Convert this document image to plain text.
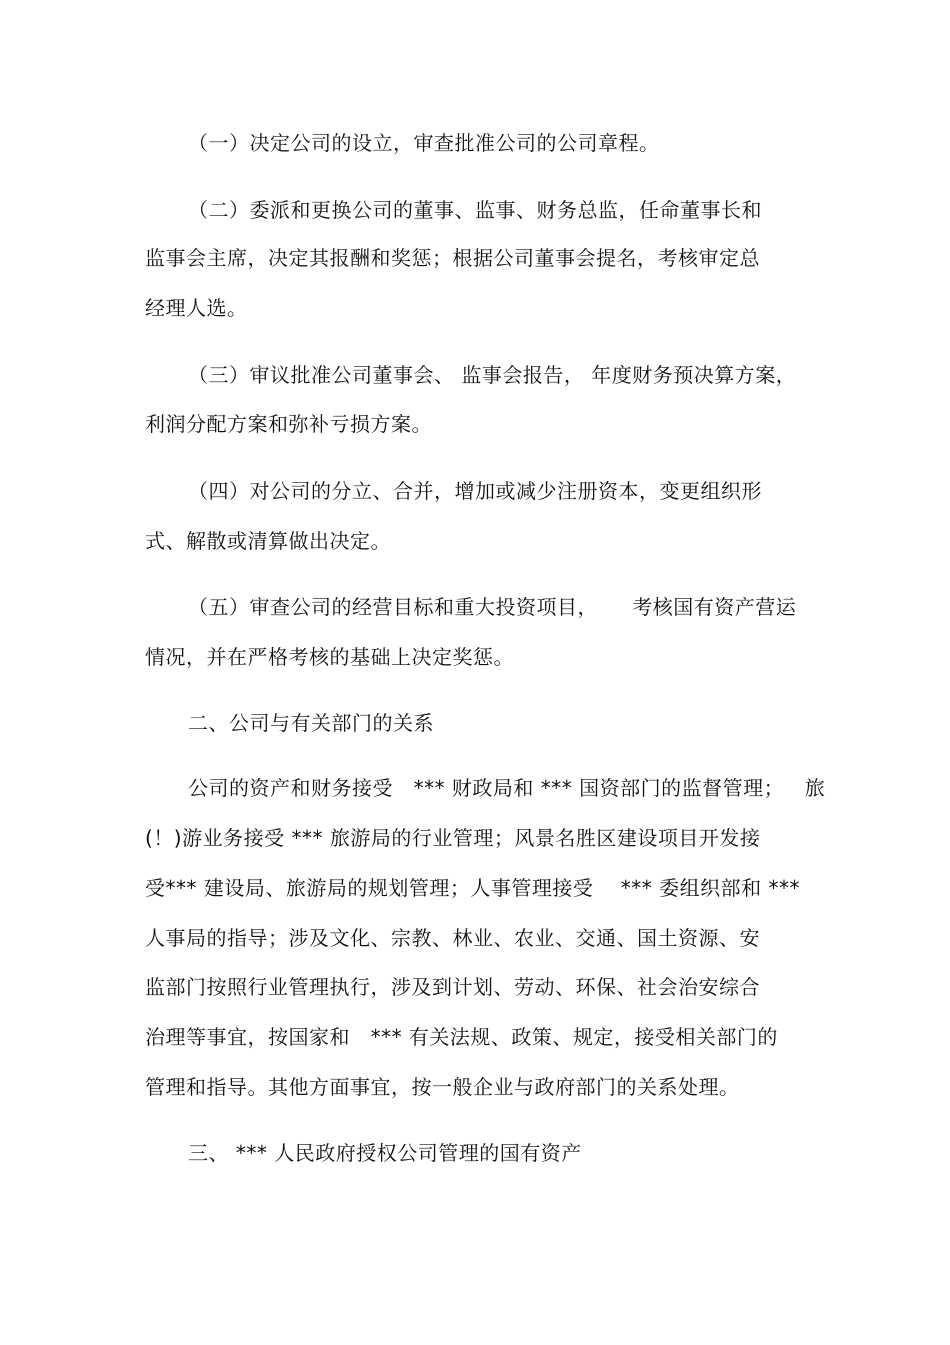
（一）决定公司的设立，审查批准公司的公司章程。
（二）委派和更换公司的董事、监事、财务总监，任命董事长和
监事会主席，决定其报酬和奖惩；根据公司董事会提名，考核审定总
经理人选。
（三）审议批准公司董事会、 监事会报告， 年度财务预决算方案，
利润分配方案和弥补亏损方案。
（四）对公司的分立、合并，增加或减少注册资本，变更组织形
式、解散或清算做出决定。
（五）审查公司的经营目标和重大投资项目，     考核国有资产营运
情况，并在严格考核的基础上决定奖惩。
二、公司与有关部门的关系
公司的资产和财务接受   *** 财政局和 *** 国资部门的监督管理；   旅
(！)游业务接受 *** 旅游局的行业管理；风景名胜区建设项目开发接
受*** 建设局、旅游局的规划管理；人事管理接受    *** 委组织部和 ***
人事局的指导；涉及文化、宗教、林业、农业、交通、国土资源、安
监部门按照行业管理执行，涉及到计划、劳动、环保、社会治安综合
治理等事宜，按国家和   *** 有关法规、政策、规定，接受相关部门的
管理和指导。其他方面事宜，按一般企业与政府部门的关系处理。
三、 *** 人民政府授权公司管理的国有资产
